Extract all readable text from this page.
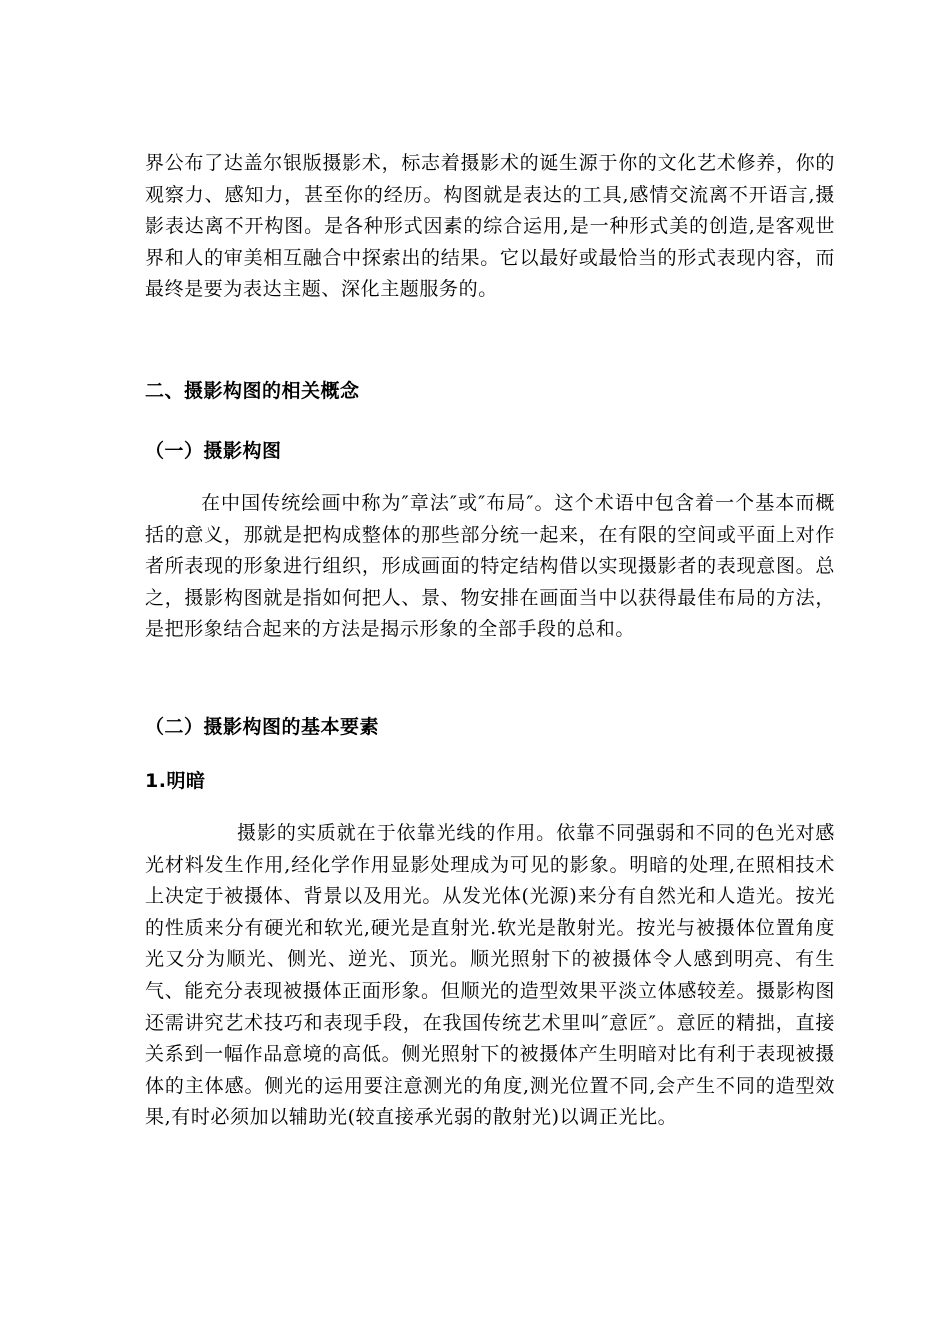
界公布了达盖尔银版摄影术，标志着摄影术的诞生源于你的文化艺术修养，你的观察力、感知力，甚至你的经历。构图就是表达的工具,感情交流离不开语言,摄影表达离不开构图。是各种形式因素的综合运用,是一种形式美的创造,是客观世界和人的审美相互融合中探索出的结果。它以最好或最恰当的形式表现内容，而最终是要为表达主题、深化主题服务的。

二、摄影构图的相关概念
（一）摄影构图

在中国传统绘画中称为″章法″或″布局″。这个术语中包含着一个基本而概括的意义，那就是把构成整体的那些部分统一起来，在有限的空间或平面上对作者所表现的形象进行组织，形成画面的特定结构借以实现摄影者的表现意图。总之，摄影构图就是指如何把人、景、物安排在画面当中以获得最佳布局的方法，是把形象结合起来的方法是揭示形象的全部手段的总和。

（二）摄影构图的基本要素
1.明暗

摄影的实质就在于依靠光线的作用。依靠不同强弱和不同的色光对感光材料发生作用,经化学作用显影处理成为可见的影象。明暗的处理,在照相技术上决定于被摄体、背景以及用光。从发光体(光源)来分有自然光和人造光。按光的性质来分有硬光和软光,硬光是直射光.软光是散射光。按光与被摄体位置角度光又分为顺光、侧光、逆光、顶光。顺光照射下的被摄体令人感到明亮、有生气、能充分表现被摄体正面形象。但顺光的造型效果平淡立体感较差。摄影构图还需讲究艺术技巧和表现手段，在我国传统艺术里叫″意匠″。意匠的精拙，直接关系到一幅作品意境的高低。侧光照射下的被摄体产生明暗对比有利于表现被摄体的主体感。侧光的运用要注意测光的角度,测光位置不同,会产生不同的造型效果,有时必须加以辅助光(较直接承光弱的散射光)以调正光比。
